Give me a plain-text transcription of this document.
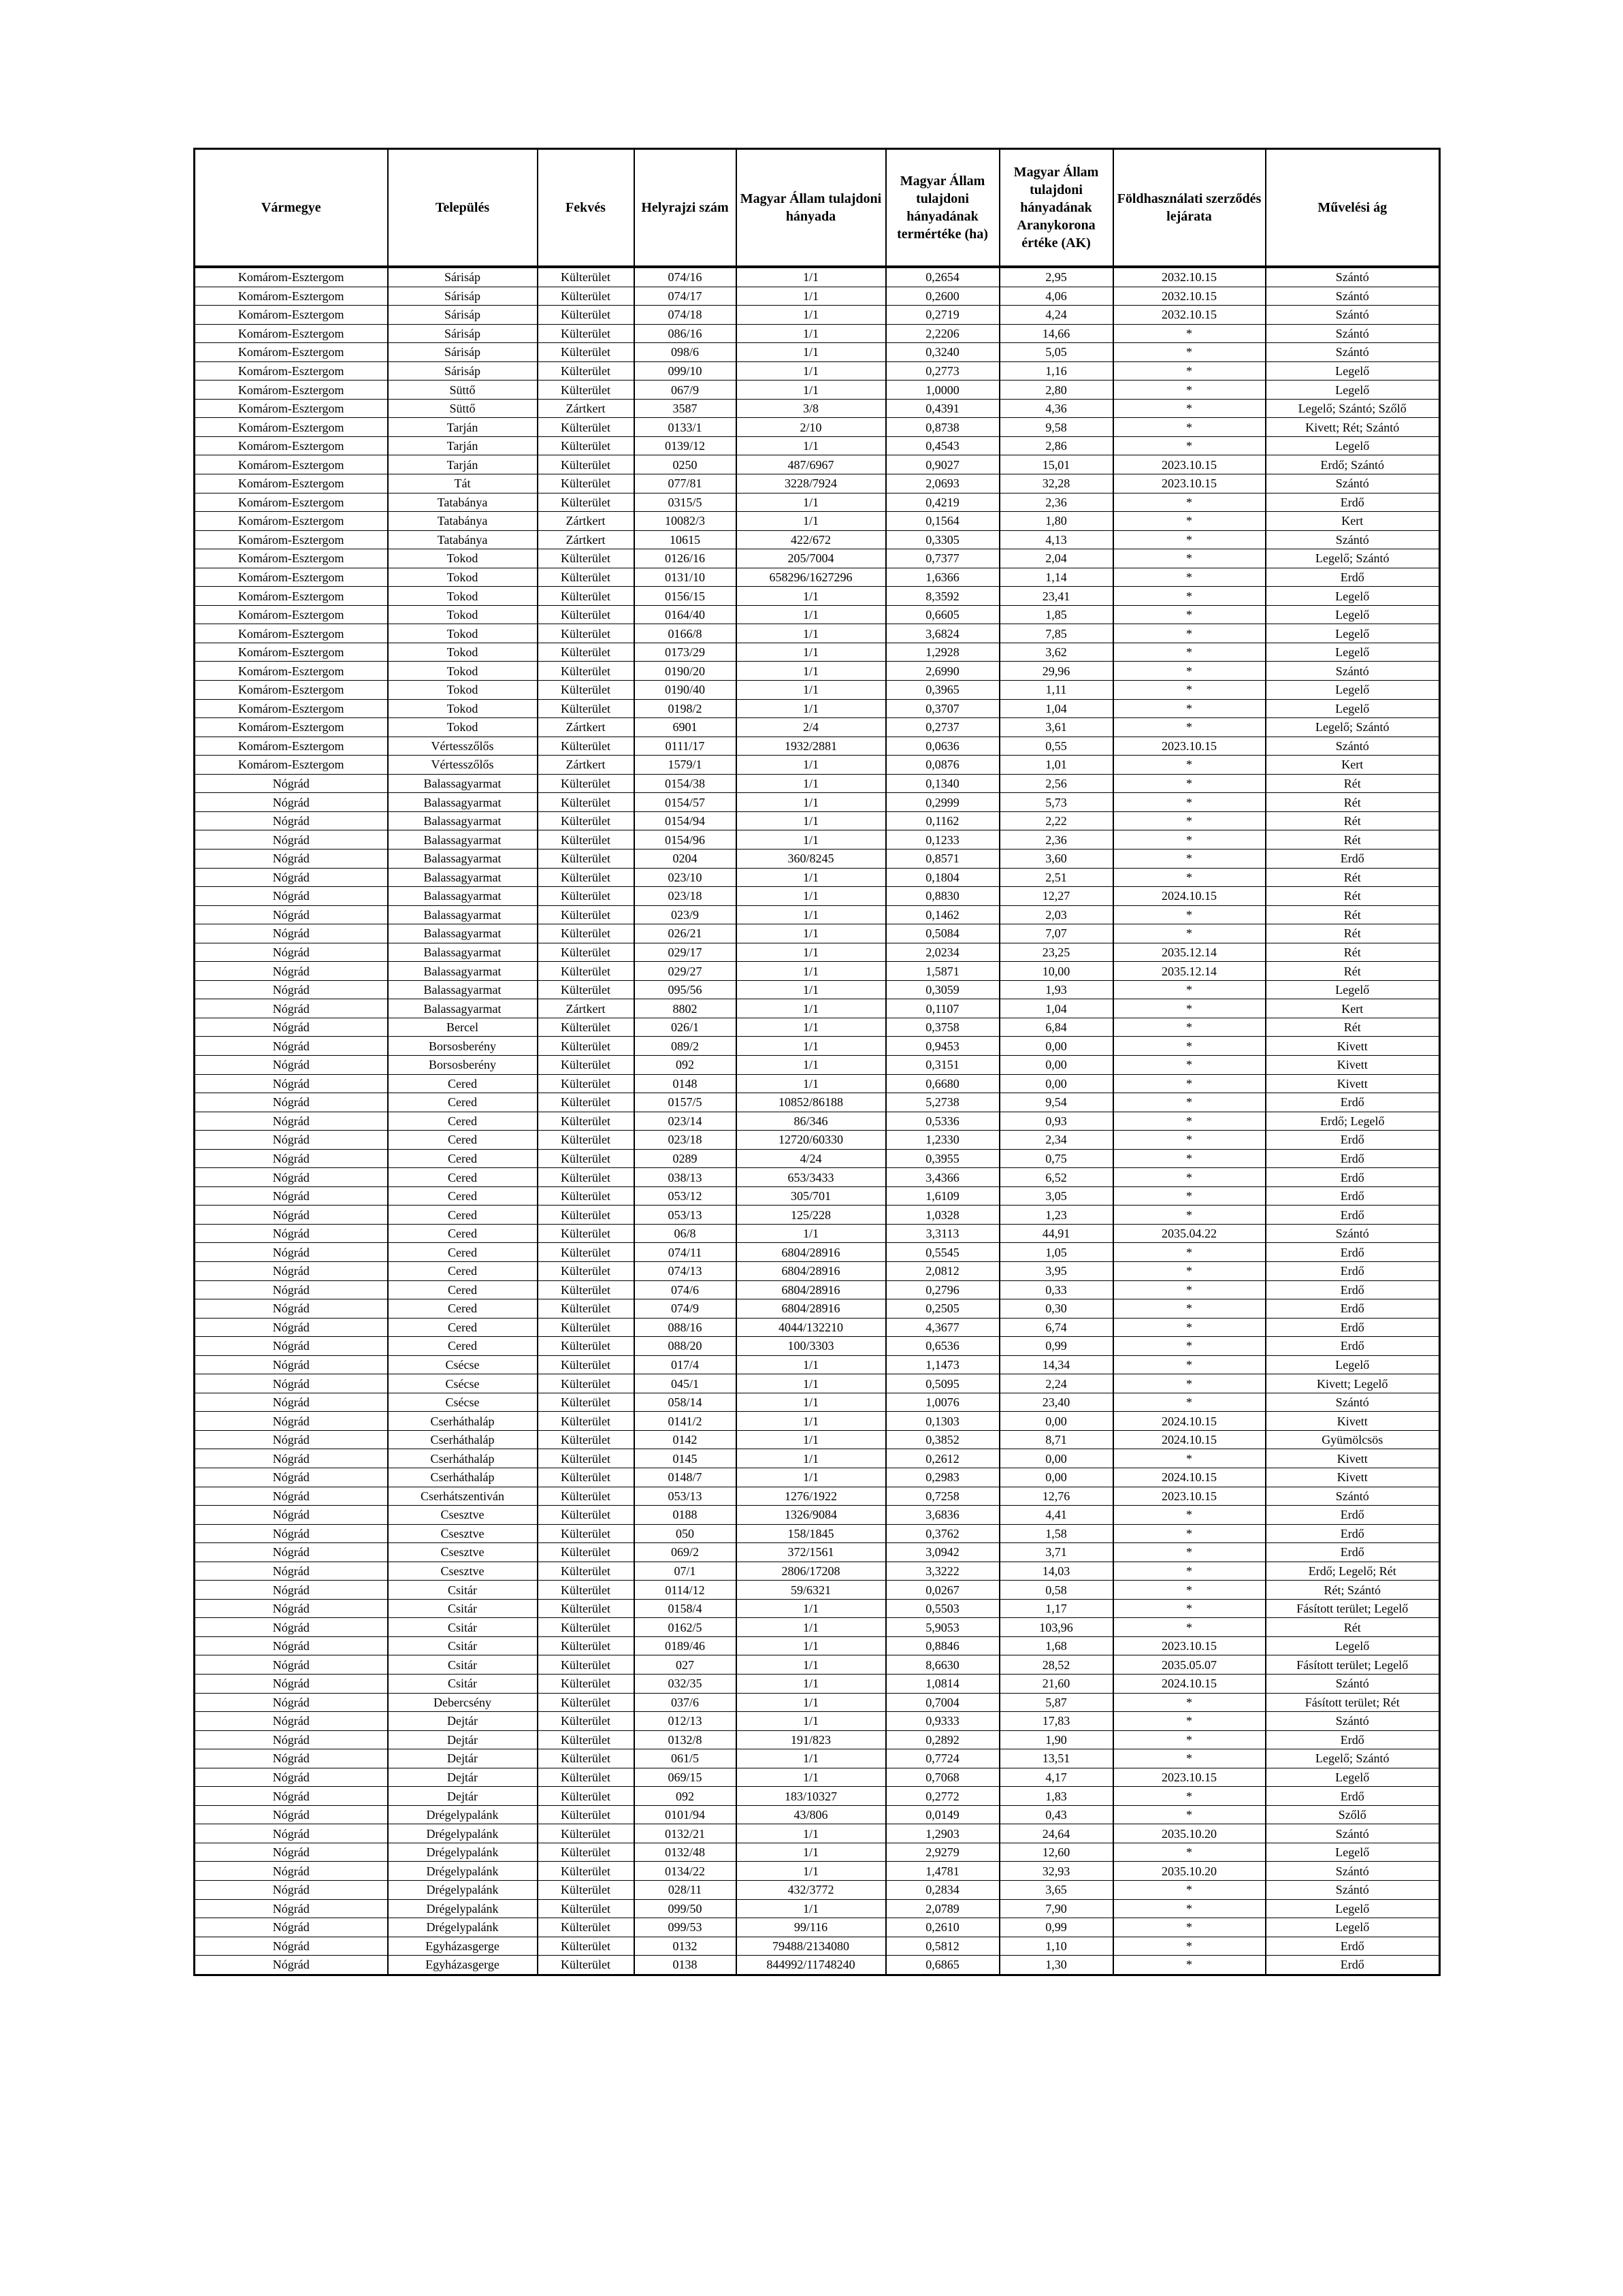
Vármegye	Település	Fekvés	Helyrajzi szám	Magyar Állam tulajdoni hányada	Magyar Állam tulajdoni hányadának termértéke (ha)	Magyar Állam tulajdoni hányadának Aranykorona értéke (AK)	Földhasználati szerződés lejárata	Művelési ág
Komárom-Esztergom	Sárisáp	Külterület	074/16	1/1	0,2654	2,95	2032.10.15	Szántó
Komárom-Esztergom	Sárisáp	Külterület	074/17	1/1	0,2600	4,06	2032.10.15	Szántó
Komárom-Esztergom	Sárisáp	Külterület	074/18	1/1	0,2719	4,24	2032.10.15	Szántó
Komárom-Esztergom	Sárisáp	Külterület	086/16	1/1	2,2206	14,66	*	Szántó
Komárom-Esztergom	Sárisáp	Külterület	098/6	1/1	0,3240	5,05	*	Szántó
Komárom-Esztergom	Sárisáp	Külterület	099/10	1/1	0,2773	1,16	*	Legelő
Komárom-Esztergom	Süttő	Külterület	067/9	1/1	1,0000	2,80	*	Legelő
Komárom-Esztergom	Süttő	Zártkert	3587	3/8	0,4391	4,36	*	Legelő; Szántó; Szőlő
Komárom-Esztergom	Tarján	Külterület	0133/1	2/10	0,8738	9,58	*	Kivett; Rét; Szántó
Komárom-Esztergom	Tarján	Külterület	0139/12	1/1	0,4543	2,86	*	Legelő
Komárom-Esztergom	Tarján	Külterület	0250	487/6967	0,9027	15,01	2023.10.15	Erdő; Szántó
Komárom-Esztergom	Tát	Külterület	077/81	3228/7924	2,0693	32,28	2023.10.15	Szántó
Komárom-Esztergom	Tatabánya	Külterület	0315/5	1/1	0,4219	2,36	*	Erdő
Komárom-Esztergom	Tatabánya	Zártkert	10082/3	1/1	0,1564	1,80	*	Kert
Komárom-Esztergom	Tatabánya	Zártkert	10615	422/672	0,3305	4,13	*	Szántó
Komárom-Esztergom	Tokod	Külterület	0126/16	205/7004	0,7377	2,04	*	Legelő; Szántó
Komárom-Esztergom	Tokod	Külterület	0131/10	658296/1627296	1,6366	1,14	*	Erdő
Komárom-Esztergom	Tokod	Külterület	0156/15	1/1	8,3592	23,41	*	Legelő
Komárom-Esztergom	Tokod	Külterület	0164/40	1/1	0,6605	1,85	*	Legelő
Komárom-Esztergom	Tokod	Külterület	0166/8	1/1	3,6824	7,85	*	Legelő
Komárom-Esztergom	Tokod	Külterület	0173/29	1/1	1,2928	3,62	*	Legelő
Komárom-Esztergom	Tokod	Külterület	0190/20	1/1	2,6990	29,96	*	Szántó
Komárom-Esztergom	Tokod	Külterület	0190/40	1/1	0,3965	1,11	*	Legelő
Komárom-Esztergom	Tokod	Külterület	0198/2	1/1	0,3707	1,04	*	Legelő
Komárom-Esztergom	Tokod	Zártkert	6901	2/4	0,2737	3,61	*	Legelő; Szántó
Komárom-Esztergom	Vértesszőlős	Külterület	0111/17	1932/2881	0,0636	0,55	2023.10.15	Szántó
Komárom-Esztergom	Vértesszőlős	Zártkert	1579/1	1/1	0,0876	1,01	*	Kert
Nógrád	Balassagyarmat	Külterület	0154/38	1/1	0,1340	2,56	*	Rét
Nógrád	Balassagyarmat	Külterület	0154/57	1/1	0,2999	5,73	*	Rét
Nógrád	Balassagyarmat	Külterület	0154/94	1/1	0,1162	2,22	*	Rét
Nógrád	Balassagyarmat	Külterület	0154/96	1/1	0,1233	2,36	*	Rét
Nógrád	Balassagyarmat	Külterület	0204	360/8245	0,8571	3,60	*	Erdő
Nógrád	Balassagyarmat	Külterület	023/10	1/1	0,1804	2,51	*	Rét
Nógrád	Balassagyarmat	Külterület	023/18	1/1	0,8830	12,27	2024.10.15	Rét
Nógrád	Balassagyarmat	Külterület	023/9	1/1	0,1462	2,03	*	Rét
Nógrád	Balassagyarmat	Külterület	026/21	1/1	0,5084	7,07	*	Rét
Nógrád	Balassagyarmat	Külterület	029/17	1/1	2,0234	23,25	2035.12.14	Rét
Nógrád	Balassagyarmat	Külterület	029/27	1/1	1,5871	10,00	2035.12.14	Rét
Nógrád	Balassagyarmat	Külterület	095/56	1/1	0,3059	1,93	*	Legelő
Nógrád	Balassagyarmat	Zártkert	8802	1/1	0,1107	1,04	*	Kert
Nógrád	Bercel	Külterület	026/1	1/1	0,3758	6,84	*	Rét
Nógrád	Borsosberény	Külterület	089/2	1/1	0,9453	0,00	*	Kivett
Nógrád	Borsosberény	Külterület	092	1/1	0,3151	0,00	*	Kivett
Nógrád	Cered	Külterület	0148	1/1	0,6680	0,00	*	Kivett
Nógrád	Cered	Külterület	0157/5	10852/86188	5,2738	9,54	*	Erdő
Nógrád	Cered	Külterület	023/14	86/346	0,5336	0,93	*	Erdő; Legelő
Nógrád	Cered	Külterület	023/18	12720/60330	1,2330	2,34	*	Erdő
Nógrád	Cered	Külterület	0289	4/24	0,3955	0,75	*	Erdő
Nógrád	Cered	Külterület	038/13	653/3433	3,4366	6,52	*	Erdő
Nógrád	Cered	Külterület	053/12	305/701	1,6109	3,05	*	Erdő
Nógrád	Cered	Külterület	053/13	125/228	1,0328	1,23	*	Erdő
Nógrád	Cered	Külterület	06/8	1/1	3,3113	44,91	2035.04.22	Szántó
Nógrád	Cered	Külterület	074/11	6804/28916	0,5545	1,05	*	Erdő
Nógrád	Cered	Külterület	074/13	6804/28916	2,0812	3,95	*	Erdő
Nógrád	Cered	Külterület	074/6	6804/28916	0,2796	0,33	*	Erdő
Nógrád	Cered	Külterület	074/9	6804/28916	0,2505	0,30	*	Erdő
Nógrád	Cered	Külterület	088/16	4044/132210	4,3677	6,74	*	Erdő
Nógrád	Cered	Külterület	088/20	100/3303	0,6536	0,99	*	Erdő
Nógrád	Csécse	Külterület	017/4	1/1	1,1473	14,34	*	Legelő
Nógrád	Csécse	Külterület	045/1	1/1	0,5095	2,24	*	Kivett; Legelő
Nógrád	Csécse	Külterület	058/14	1/1	1,0076	23,40	*	Szántó
Nógrád	Cserháthaláp	Külterület	0141/2	1/1	0,1303	0,00	2024.10.15	Kivett
Nógrád	Cserháthaláp	Külterület	0142	1/1	0,3852	8,71	2024.10.15	Gyümölcsös
Nógrád	Cserháthaláp	Külterület	0145	1/1	0,2612	0,00	*	Kivett
Nógrád	Cserháthaláp	Külterület	0148/7	1/1	0,2983	0,00	2024.10.15	Kivett
Nógrád	Cserhátszentiván	Külterület	053/13	1276/1922	0,7258	12,76	2023.10.15	Szántó
Nógrád	Csesztve	Külterület	0188	1326/9084	3,6836	4,41	*	Erdő
Nógrád	Csesztve	Külterület	050	158/1845	0,3762	1,58	*	Erdő
Nógrád	Csesztve	Külterület	069/2	372/1561	3,0942	3,71	*	Erdő
Nógrád	Csesztve	Külterület	07/1	2806/17208	3,3222	14,03	*	Erdő; Legelő; Rét
Nógrád	Csitár	Külterület	0114/12	59/6321	0,0267	0,58	*	Rét; Szántó
Nógrád	Csitár	Külterület	0158/4	1/1	0,5503	1,17	*	Fásított terület; Legelő
Nógrád	Csitár	Külterület	0162/5	1/1	5,9053	103,96	*	Rét
Nógrád	Csitár	Külterület	0189/46	1/1	0,8846	1,68	2023.10.15	Legelő
Nógrád	Csitár	Külterület	027	1/1	8,6630	28,52	2035.05.07	Fásított terület; Legelő
Nógrád	Csitár	Külterület	032/35	1/1	1,0814	21,60	2024.10.15	Szántó
Nógrád	Debercsény	Külterület	037/6	1/1	0,7004	5,87	*	Fásított terület; Rét
Nógrád	Dejtár	Külterület	012/13	1/1	0,9333	17,83	*	Szántó
Nógrád	Dejtár	Külterület	0132/8	191/823	0,2892	1,90	*	Erdő
Nógrád	Dejtár	Külterület	061/5	1/1	0,7724	13,51	*	Legelő; Szántó
Nógrád	Dejtár	Külterület	069/15	1/1	0,7068	4,17	2023.10.15	Legelő
Nógrád	Dejtár	Külterület	092	183/10327	0,2772	1,83	*	Erdő
Nógrád	Drégelypalánk	Külterület	0101/94	43/806	0,0149	0,43	*	Szőlő
Nógrád	Drégelypalánk	Külterület	0132/21	1/1	1,2903	24,64	2035.10.20	Szántó
Nógrád	Drégelypalánk	Külterület	0132/48	1/1	2,9279	12,60	*	Legelő
Nógrád	Drégelypalánk	Külterület	0134/22	1/1	1,4781	32,93	2035.10.20	Szántó
Nógrád	Drégelypalánk	Külterület	028/11	432/3772	0,2834	3,65	*	Szántó
Nógrád	Drégelypalánk	Külterület	099/50	1/1	2,0789	7,90	*	Legelő
Nógrád	Drégelypalánk	Külterület	099/53	99/116	0,2610	0,99	*	Legelő
Nógrád	Egyházasgerge	Külterület	0132	79488/2134080	0,5812	1,10	*	Erdő
Nógrád	Egyházasgerge	Külterület	0138	844992/11748240	0,6865	1,30	*	Erdő
